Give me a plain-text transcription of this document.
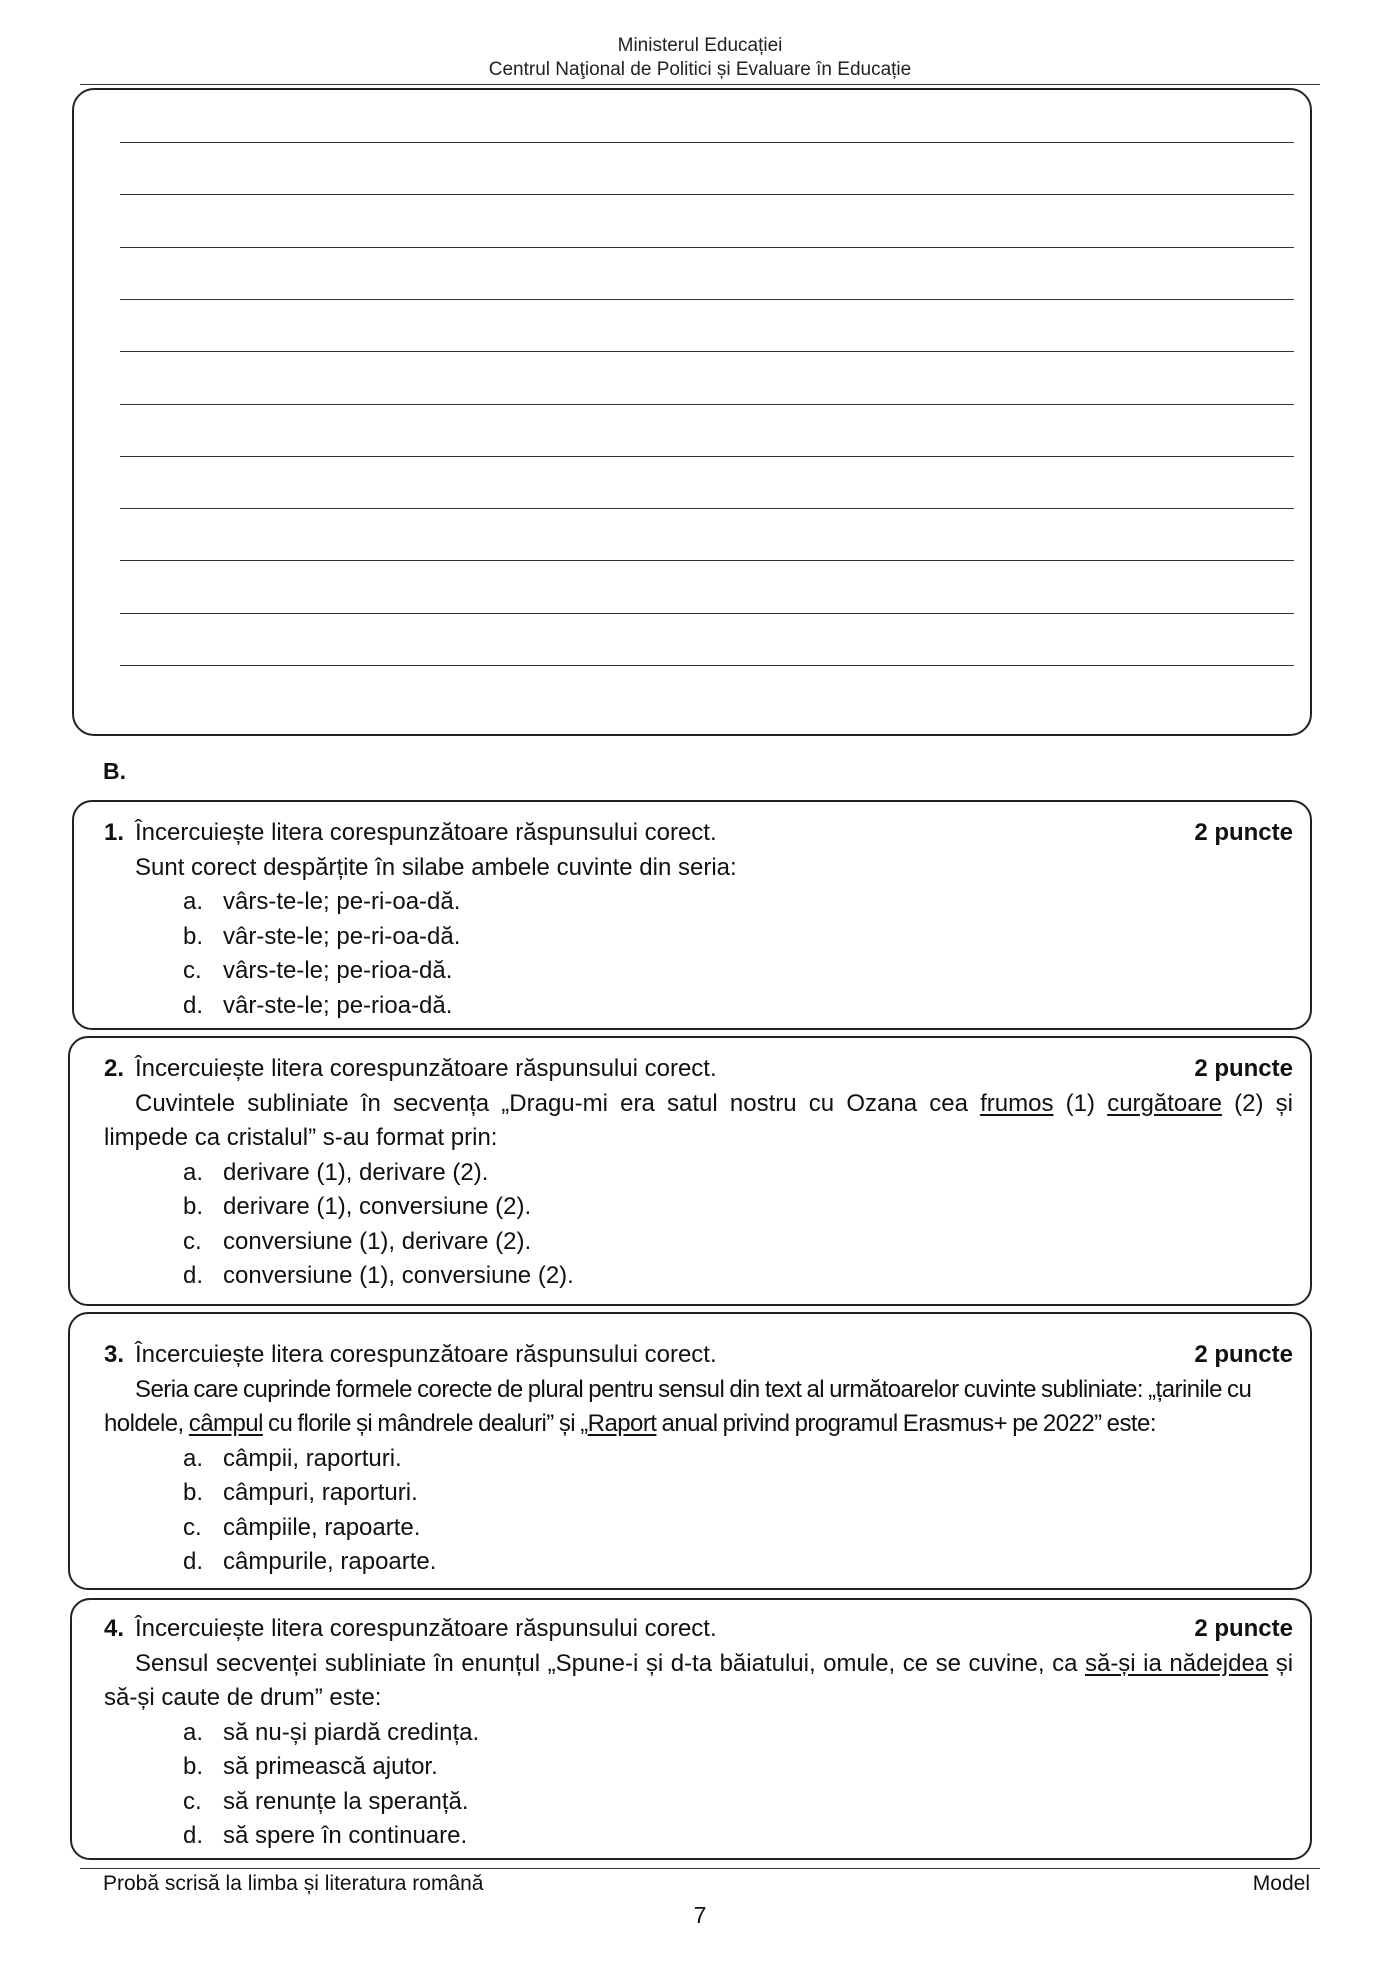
Ministerul Educației
Centrul Naţional de Politici și Evaluare în Educație
B.
1. Încercuiește litera corespunzătoare răspunsului corect.	2 puncte

Sunt corect despărțite în silabe ambele cuvinte din seria:

a. vârs-te-le; pe-ri-oa-dă.
b. vâr-ste-le; pe-ri-oa-dă.
c. vârs-te-le; pe-rioa-dă.
d. vâr-ste-le; pe-rioa-dă.
2. Încercuiește litera corespunzătoare răspunsului corect.	2 puncte

Cuvintele subliniate în secvența „Dragu-mi era satul nostru cu Ozana cea frumos (1) curgătoare (2) și limpede ca cristalul” s-au format prin:

a. derivare (1), derivare (2).
b. derivare (1), conversiune (2).
c. conversiune (1), derivare (2).
d. conversiune (1), conversiune (2).
3. Încercuiește litera corespunzătoare răspunsului corect.	2 puncte

Seria care cuprinde formele corecte de plural pentru sensul din text al următoarelor cuvinte subliniate: „țarinile cu holdele, câmpul cu florile și mândrele dealuri” și „Raport anual privind programul Erasmus+ pe 2022” este:

a. câmpii, raporturi.
b. câmpuri, raporturi.
c. câmpiile, rapoarte.
d. câmpurile, rapoarte.
4. Încercuiește litera corespunzătoare răspunsului corect.	2 puncte

Sensul secvenței subliniate în enunțul „Spune-i și d-ta băiatului, omule, ce se cuvine, ca să-și ia nădejdea și să-și caute de drum” este:

a. să nu-și piardă credința.
b. să primească ajutor.
c. să renunțe la speranță.
d. să spere în continuare.
Probă scrisă la limba și literatura română	Model
7
